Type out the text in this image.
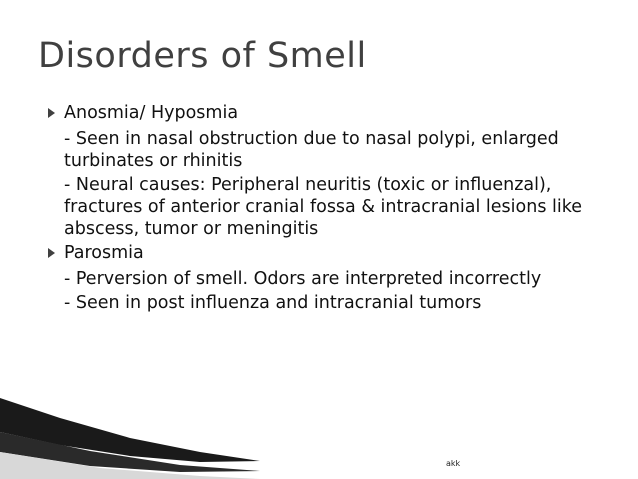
Disorders of Smell
Anosmia/ Hyposmia
- Seen in nasal obstruction due to nasal polypi, enlarged turbinates or rhinitis
- Neural causes: Peripheral neuritis (toxic or influenzal), fractures of anterior cranial fossa & intracranial lesions like abscess, tumor or meningitis
Parosmia
- Perversion of smell. Odors are interpreted incorrectly
- Seen in post influenza and intracranial tumors
akk
